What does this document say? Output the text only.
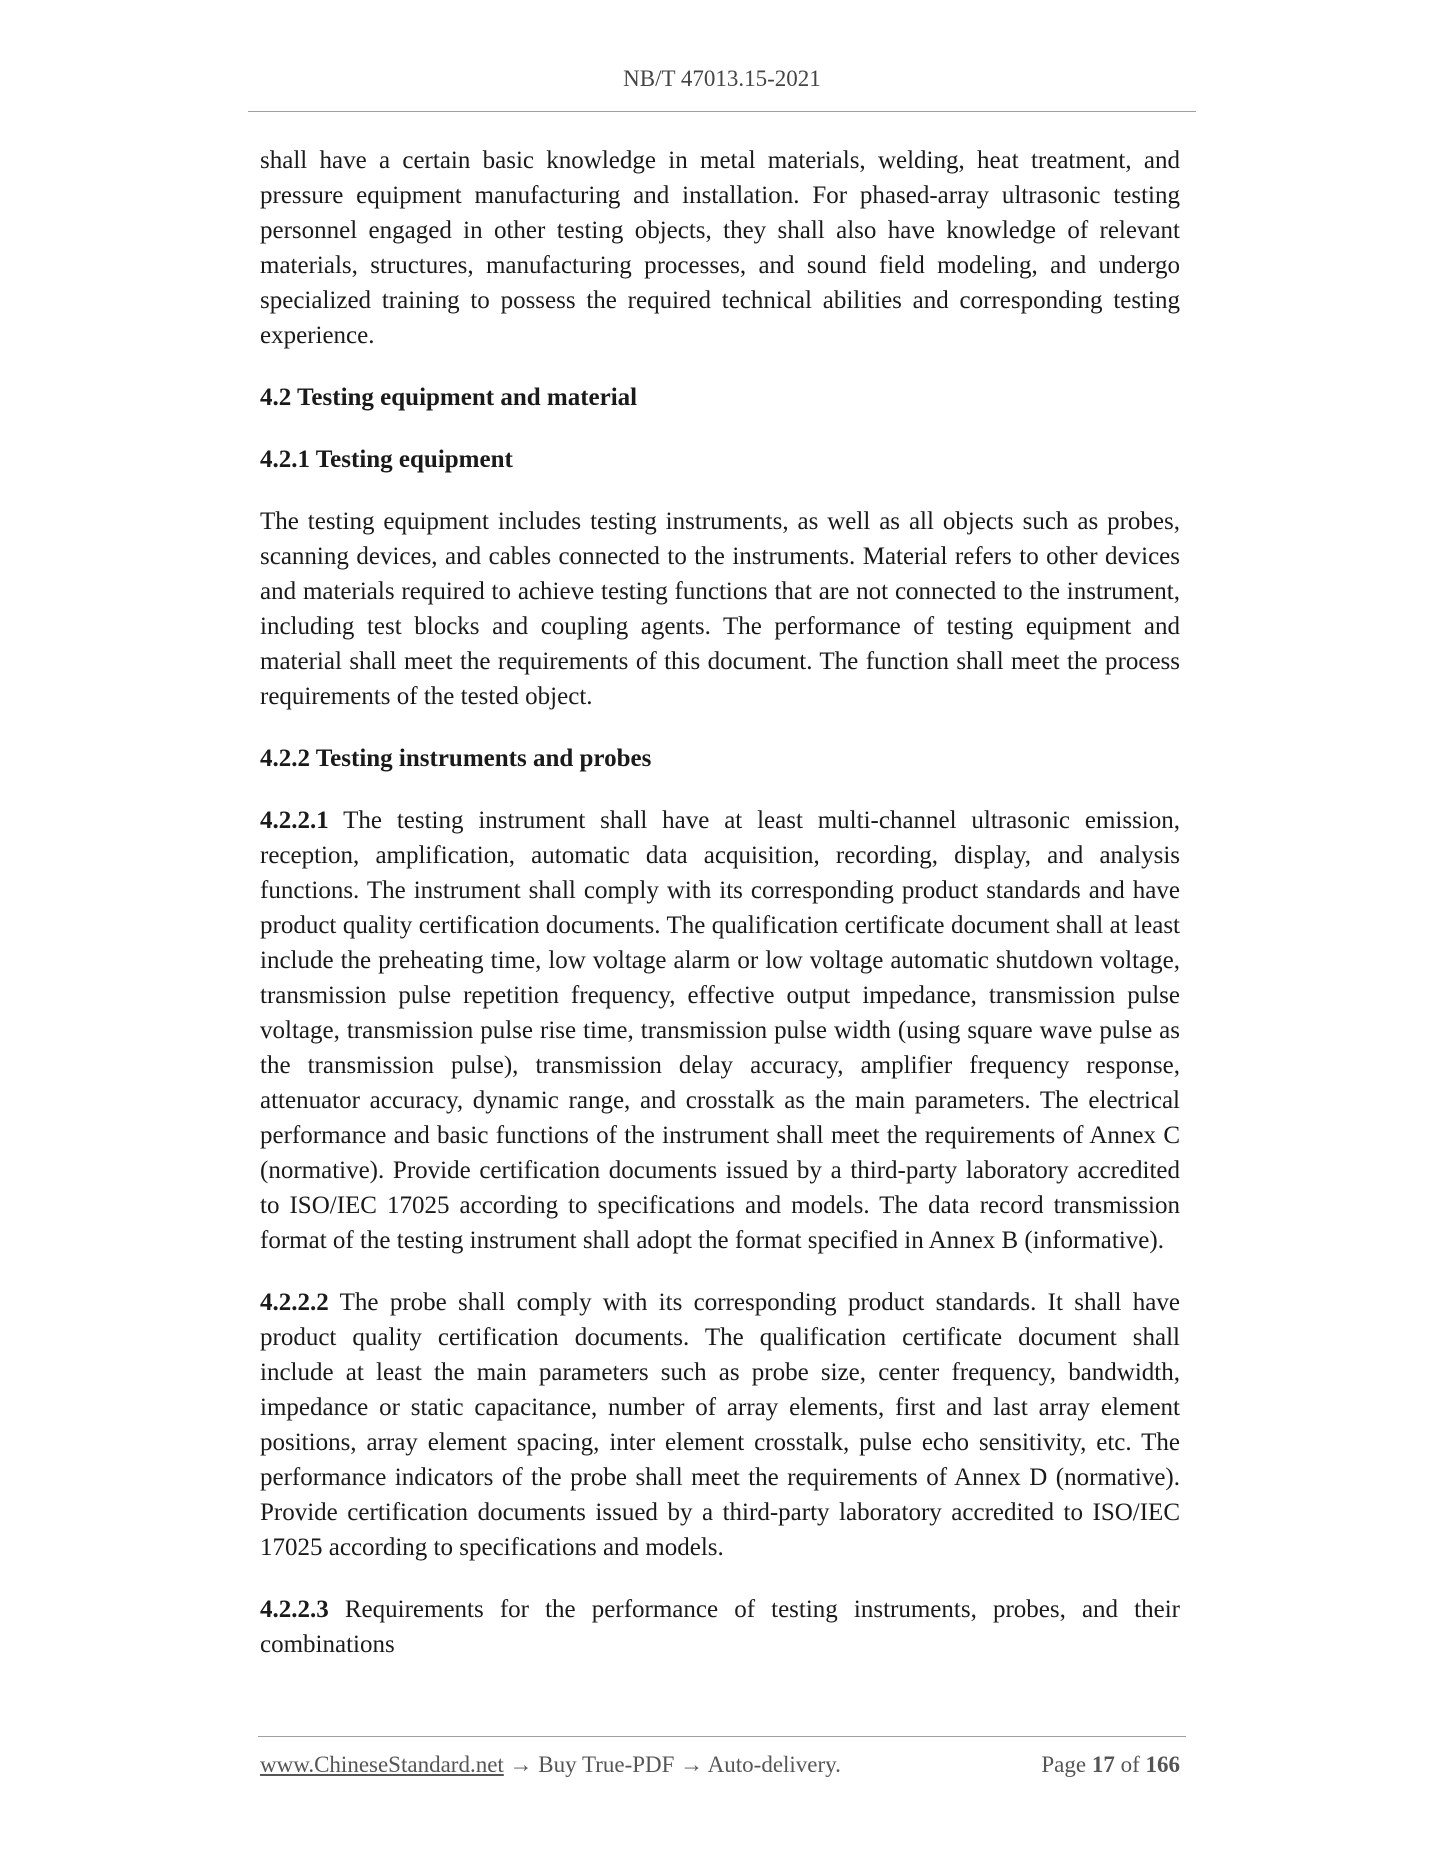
NB/T 47013.15-2021

shall have a certain basic knowledge in metal materials, welding, heat treatment, and pressure equipment manufacturing and installation. For phased-array ultrasonic testing personnel engaged in other testing objects, they shall also have knowledge of relevant materials, structures, manufacturing processes, and sound field modeling, and undergo specialized training to possess the required technical abilities and corresponding testing experience.

4.2 Testing equipment and material
4.2.1 Testing equipment

The testing equipment includes testing instruments, as well as all objects such as probes, scanning devices, and cables connected to the instruments. Material refers to other devices and materials required to achieve testing functions that are not connected to the instrument, including test blocks and coupling agents. The performance of testing equipment and material shall meet the requirements of this document. The function shall meet the process requirements of the tested object.

4.2.2 Testing instruments and probes

4.2.2.1 The testing instrument shall have at least multi-channel ultrasonic emission, reception, amplification, automatic data acquisition, recording, display, and analysis functions. The instrument shall comply with its corresponding product standards and have product quality certification documents. The qualification certificate document shall at least include the preheating time, low voltage alarm or low voltage automatic shutdown voltage, transmission pulse repetition frequency, effective output impedance, transmission pulse voltage, transmission pulse rise time, transmission pulse width (using square wave pulse as the transmission pulse), transmission delay accuracy, amplifier frequency response, attenuator accuracy, dynamic range, and crosstalk as the main parameters. The electrical performance and basic functions of the instrument shall meet the requirements of Annex C (normative). Provide certification documents issued by a third-party laboratory accredited to ISO/IEC 17025 according to specifications and models. The data record transmission format of the testing instrument shall adopt the format specified in Annex B (informative).

4.2.2.2 The probe shall comply with its corresponding product standards. It shall have product quality certification documents. The qualification certificate document shall include at least the main parameters such as probe size, center frequency, bandwidth, impedance or static capacitance, number of array elements, first and last array element positions, array element spacing, inter element crosstalk, pulse echo sensitivity, etc. The performance indicators of the probe shall meet the requirements of Annex D (normative). Provide certification documents issued by a third-party laboratory accredited to ISO/IEC 17025 according to specifications and models.

4.2.2.3 Requirements for the performance of testing instruments, probes, and their combinations

www.ChineseStandard.net → Buy True-PDF → Auto-delivery.	Page 17 of 166
